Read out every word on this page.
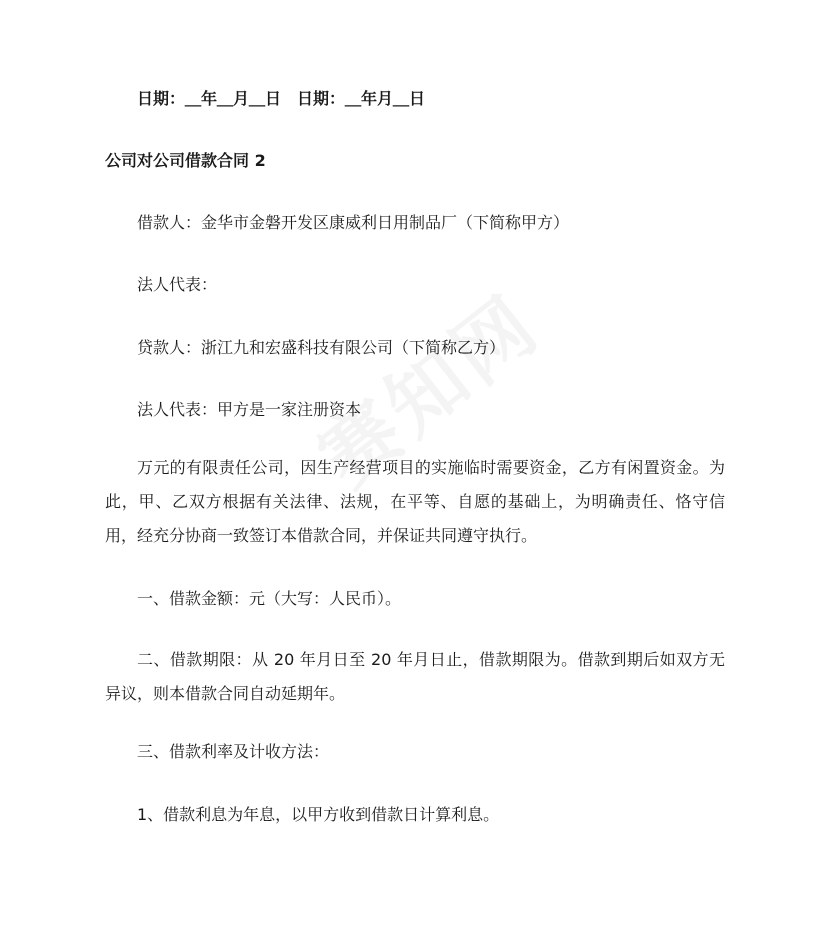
日期：＿年＿月＿日　日期：＿年月＿日
公司对公司借款合同 2
借款人：金华市金磐开发区康威利日用制品厂（下简称甲方）
法人代表：
贷款人：浙江九和宏盛科技有限公司（下简称乙方）
法人代表：甲方是一家注册资本
万元的有限责任公司，因生产经营项目的实施临时需要资金，乙方有闲置资金。为此，甲、乙双方根据有关法律、法规，在平等、自愿的基础上，为明确责任、恪守信用，经充分协商一致签订本借款合同，并保证共同遵守执行。
一、借款金额：元（大写：人民币）。
二、借款期限：从 20 年月日至 20 年月日止，借款期限为。借款到期后如双方无异议，则本借款合同自动延期年。
三、借款利率及计收方法：
1、借款利息为年息，以甲方收到借款日计算利息。
